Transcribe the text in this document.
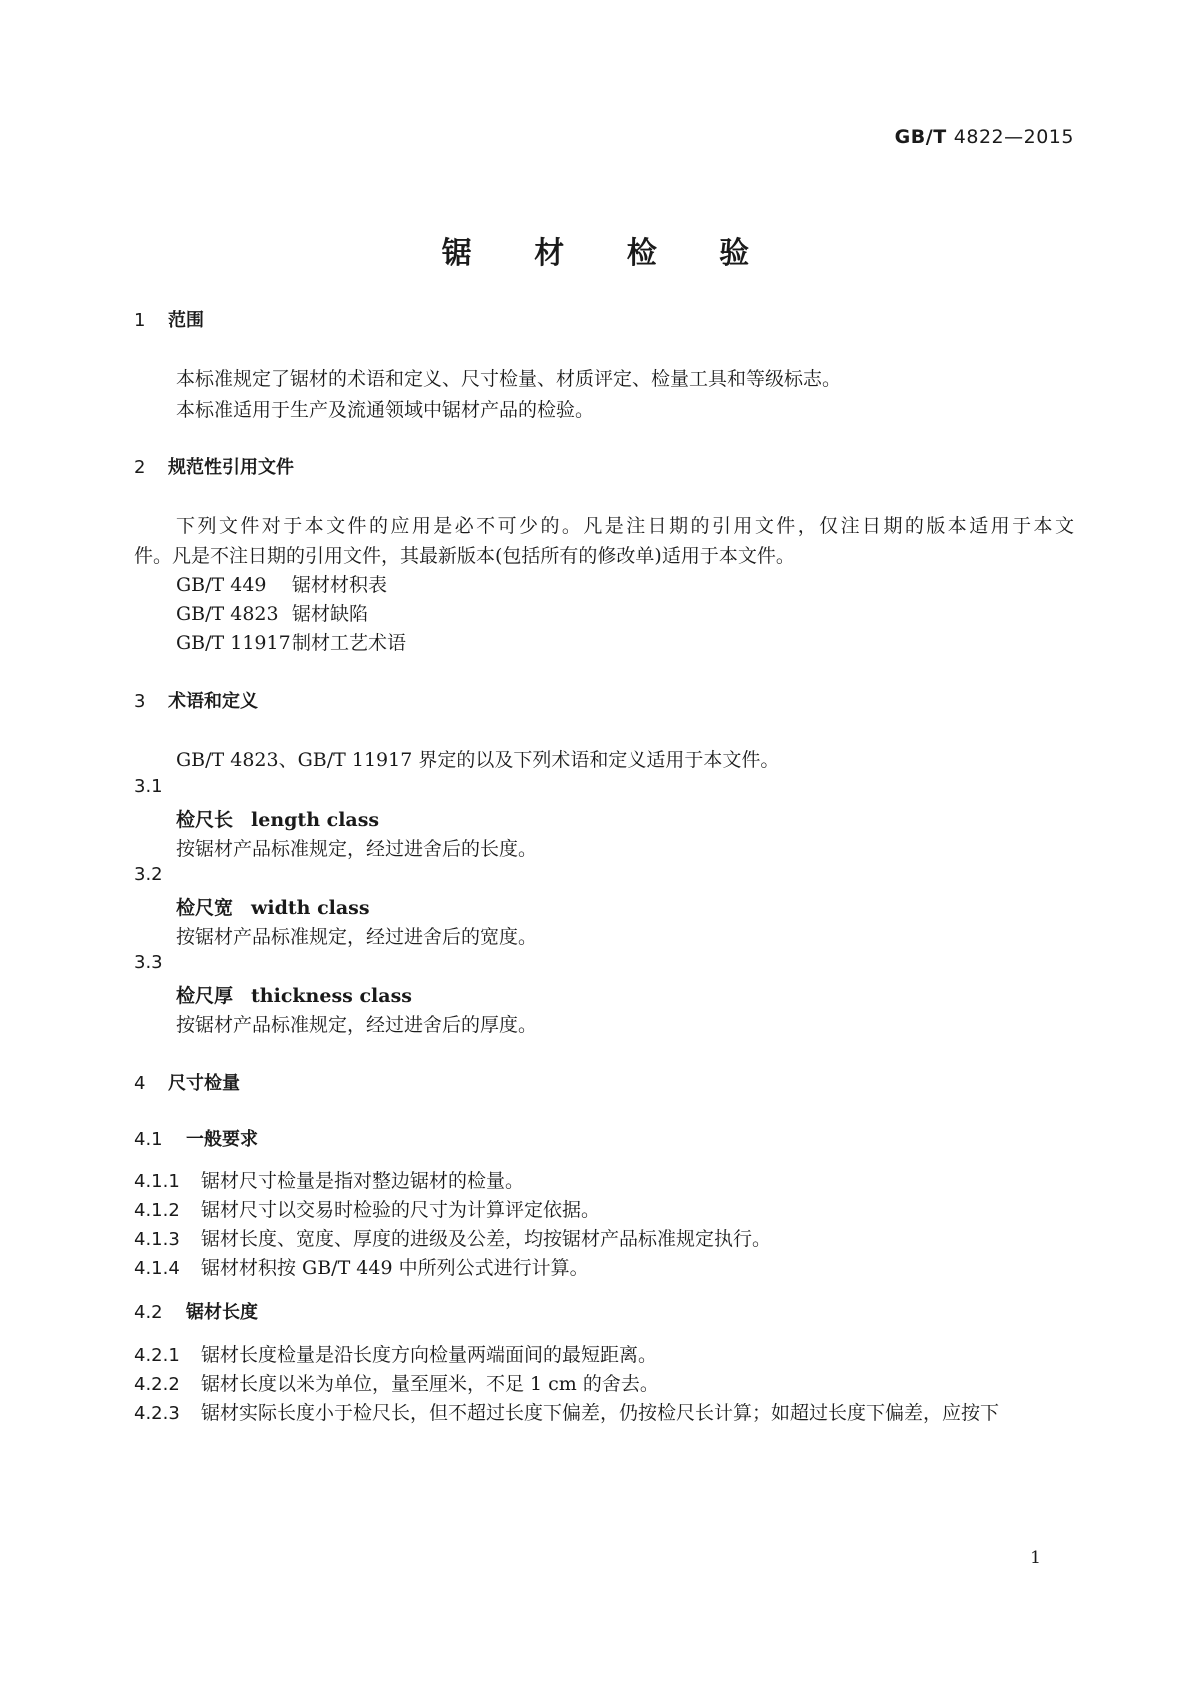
GB/T 4822—2015
锯 材 检 验
1 范围
本标准规定了锯材的术语和定义、尺寸检量、材质评定、检量工具和等级标志。
本标准适用于生产及流通领域中锯材产品的检验。
2 规范性引用文件
下列文件对于本文件的应用是必不可少的。凡是注日期的引用文件，仅注日期的版本适用于本文
件。凡是不注日期的引用文件，其最新版本(包括所有的修改单)适用于本文件。
GB/T 449 锯材材积表
GB/T 4823 锯材缺陷
GB/T 11917制材工艺术语
3 术语和定义
GB/T 4823、GB/T 11917 界定的以及下列术语和定义适用于本文件。
3.1
检尺长 length class
按锯材产品标准规定，经过进舍后的长度。
3.2
检尺宽 width class
按锯材产品标准规定，经过进舍后的宽度。
3.3
检尺厚 thickness class
按锯材产品标准规定，经过进舍后的厚度。
4 尺寸检量
4.1 一般要求
4.1.1 锯材尺寸检量是指对整边锯材的检量。
4.1.2 锯材尺寸以交易时检验的尺寸为计算评定依据。
4.1.3 锯材长度、宽度、厚度的进级及公差，均按锯材产品标准规定执行。
4.1.4 锯材材积按 GB/T 449 中所列公式进行计算。
4.2 锯材长度
4.2.1 锯材长度检量是沿长度方向检量两端面间的最短距离。
4.2.2 锯材长度以米为单位，量至厘米，不足 1 cm 的舍去。
4.2.3 锯材实际长度小于检尺长，但不超过长度下偏差，仍按检尺长计算；如超过长度下偏差，应按下
1
